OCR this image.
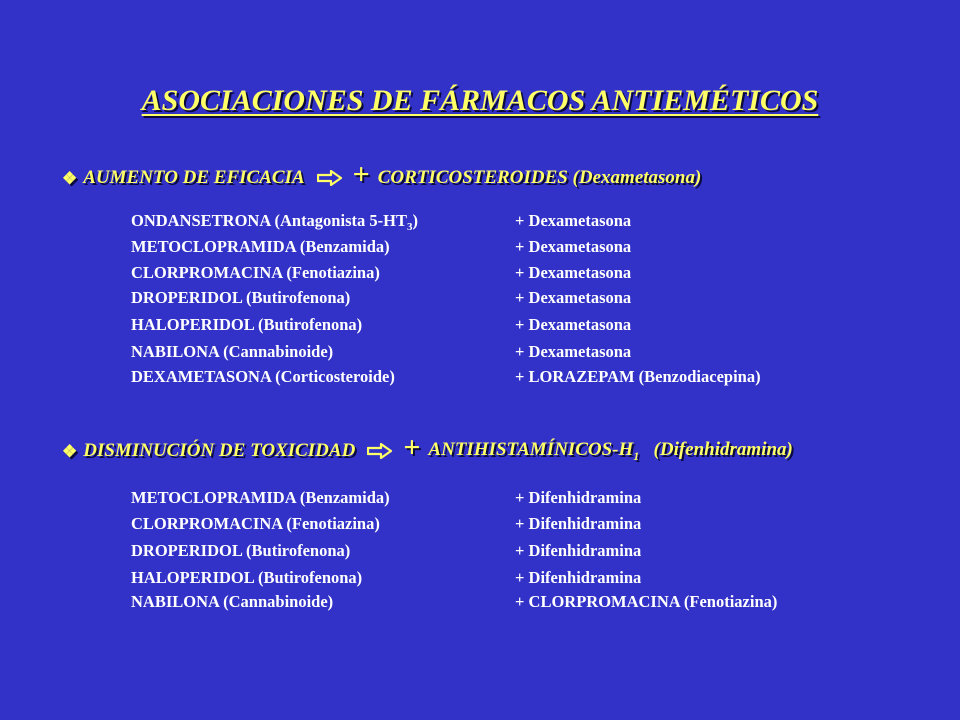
ASOCIACIONES DE FÁRMACOS ANTIEMÉTICOS
❖ AUMENTO DE EFICACIA + CORTICOSTEROIDES (Dexametasona)
ONDANSETRONA (Antagonista $5-HT_3$)	+ Dexametasona
METOCLOPRAMIDA (Benzamida)	+ Dexametasona
CLORPROMACINA (Fenotiazina)	+ Dexametasona
DROPERIDOL (Butirofenona)	+ Dexametasona
HALOPERIDOL (Butirofenona)	+ Dexametasona
NABILONA (Cannabinoide)	+ Dexametasona
DEXAMETASONA (Corticosteroide)	+ LORAZEPAM (Benzodiacepina)
❖ DISMINUCIÓN DE TOXICIDAD + ANTIHISTAMÍNICOS-$H_1$ (Difenhidramina)
METOCLOPRAMIDA (Benzamida)	+ Difenhidramina
CLORPROMACINA (Fenotiazina)	+ Difenhidramina
DROPERIDOL (Butirofenona)	+ Difenhidramina
HALOPERIDOL (Butirofenona)	+ Difenhidramina
NABILONA (Cannabinoide)	+ CLORPROMACINA (Fenotiazina)
